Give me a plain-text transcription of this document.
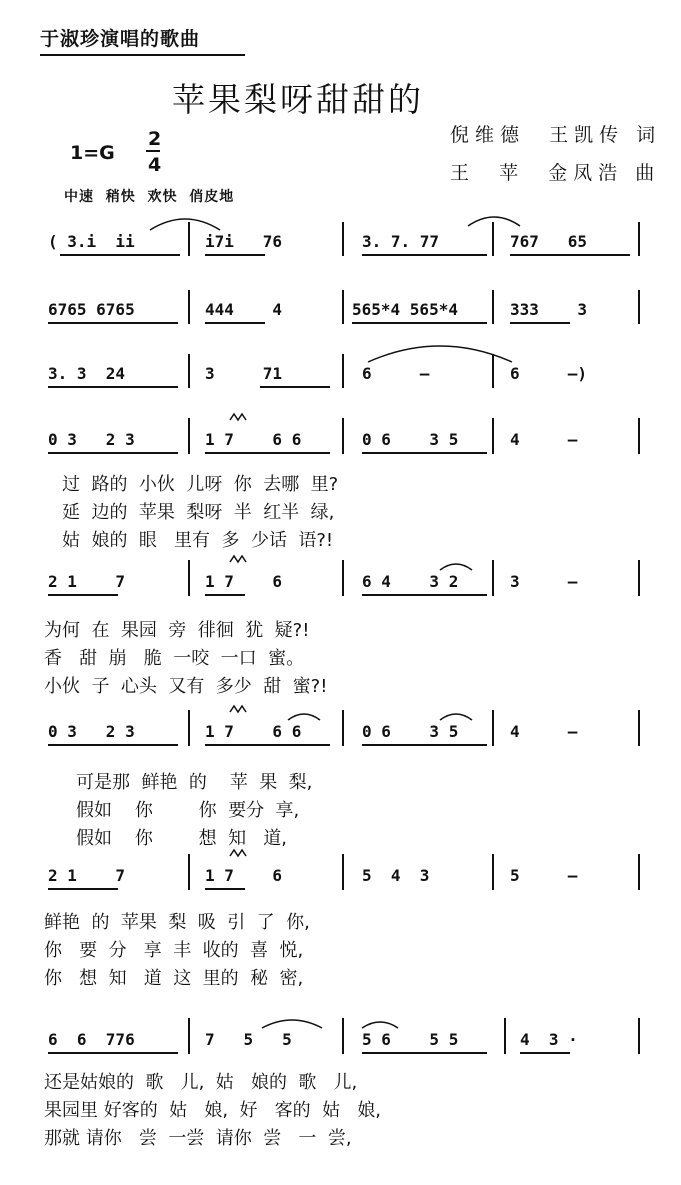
于淑珍演唱的歌曲
苹果梨呀甜甜的
倪维德  王凯传 词
王  苹  金凤浩 曲
1=G
2
4
中速  稍快  欢快  俏皮地
( 3.i  ii	i7i   76	3. 7. 77	767   65
6765 6765	444    4	565*4 565*4	333    3
3. 3  24	3     71	6     —	6     —)
0 3   2 3	1 7    6 6	0 6    3 5	4     —
过  路的  小伙  儿呀  你  去哪  里?
延  边的  苹果  梨呀  半  红半  绿,
姑  娘的  眼   里有  多  少话  语?!
2 1    7	1 7    6	6 4    3 2	3     —
为何  在  果园  旁  徘徊  犹  疑?!
香   甜  崩   脆  一咬  一口  蜜。
小伙  子  心头  又有  多少  甜  蜜?!
0 3   2 3	1 7    6 6	0 6    3 5	4     —
可是那  鲜艳  的    苹  果  梨,
假如    你        你  要分  享,
假如    你        想  知   道,
2 1    7	1 7    6	5  4  3	5     —
鲜艳  的  苹果  梨  吸  引  了  你,
你   要  分   享  丰  收的  喜  悦,
你   想  知   道  这  里的  秘  密,
6  6  776	7   5   5	5 6    5 5	4  3 ·
还是姑娘的  歌   儿,  姑   娘的  歌   儿,
果园里 好客的  姑   娘,  好   客的  姑   娘,
那就 请你   尝  一尝  请你  尝   一  尝,
